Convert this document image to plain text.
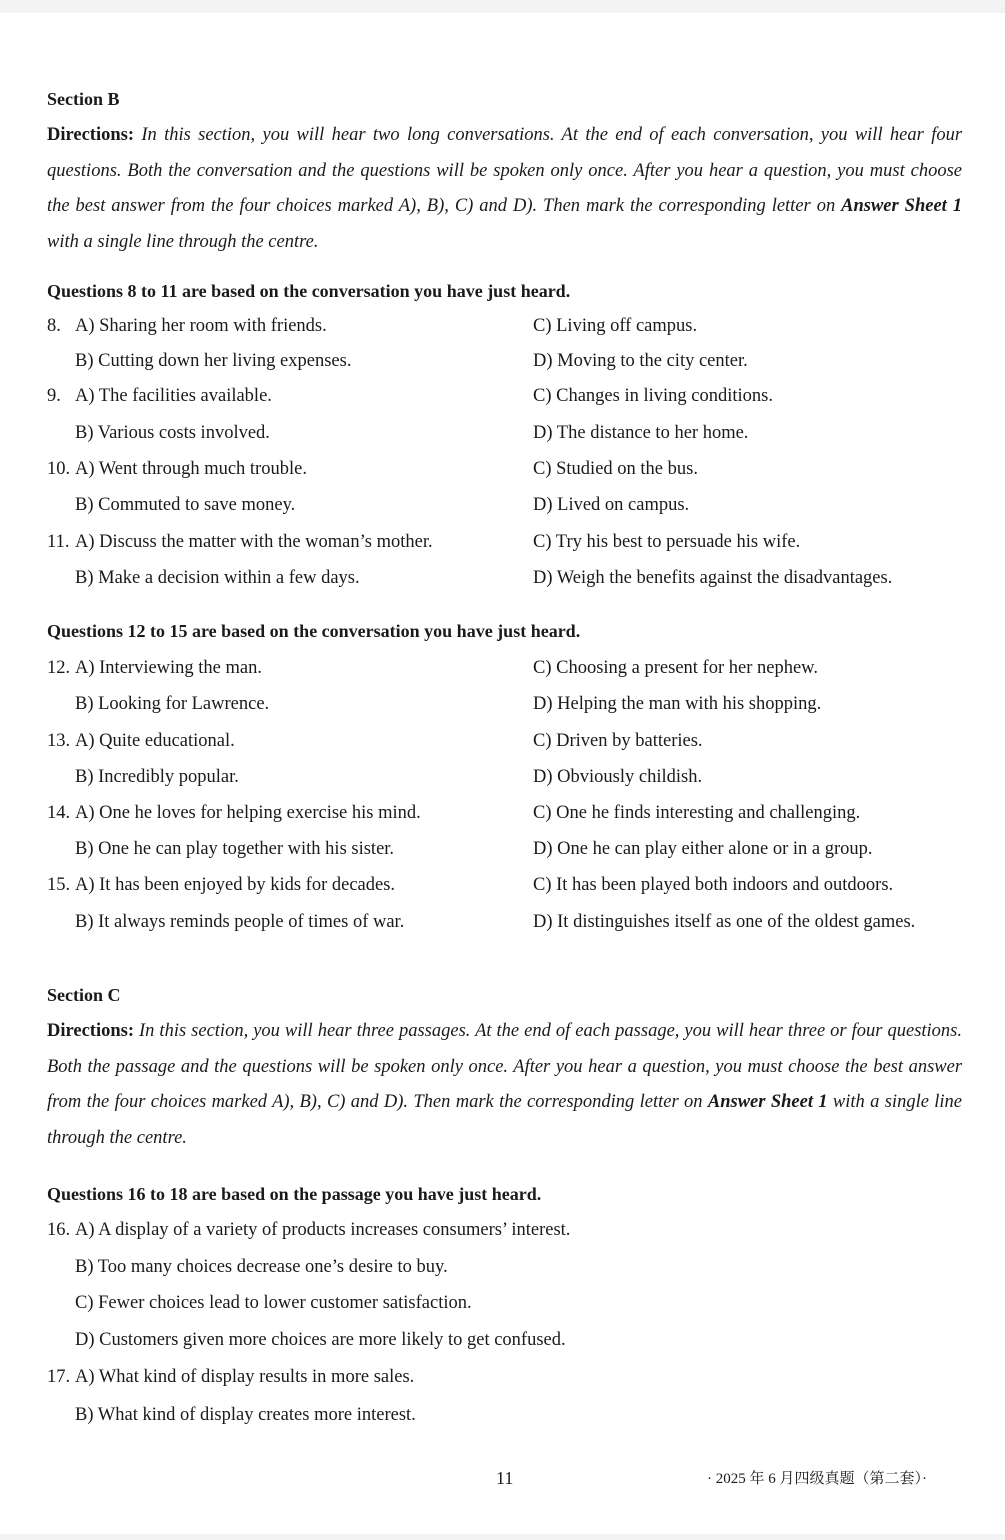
Section B
Directions: In this section, you will hear two long conversations. At the end of each conversation, you will hear four questions. Both the conversation and the questions will be spoken only once. After you hear a question, you must choose the best answer from the four choices marked A), B), C) and D). Then mark the corresponding letter on Answer Sheet 1 with a single line through the centre.
Questions 8 to 11 are based on the conversation you have just heard.
8. A) Sharing her room with friends.
B) Cutting down her living expenses.
C) Living off campus.
D) Moving to the city center.
9. A) The facilities available.
B) Various costs involved.
C) Changes in living conditions.
D) The distance to her home.
10. A) Went through much trouble.
B) Commuted to save money.
C) Studied on the bus.
D) Lived on campus.
11. A) Discuss the matter with the woman’s mother.
B) Make a decision within a few days.
C) Try his best to persuade his wife.
D) Weigh the benefits against the disadvantages.
Questions 12 to 15 are based on the conversation you have just heard.
12. A) Interviewing the man.
B) Looking for Lawrence.
C) Choosing a present for her nephew.
D) Helping the man with his shopping.
13. A) Quite educational.
B) Incredibly popular.
C) Driven by batteries.
D) Obviously childish.
14. A) One he loves for helping exercise his mind.
B) One he can play together with his sister.
C) One he finds interesting and challenging.
D) One he can play either alone or in a group.
15. A) It has been enjoyed by kids for decades.
B) It always reminds people of times of war.
C) It has been played both indoors and outdoors.
D) It distinguishes itself as one of the oldest games.
Section C
Directions: In this section, you will hear three passages. At the end of each passage, you will hear three or four questions. Both the passage and the questions will be spoken only once. After you hear a question, you must choose the best answer from the four choices marked A), B), C) and D). Then mark the corresponding letter on Answer Sheet 1 with a single line through the centre.
Questions 16 to 18 are based on the passage you have just heard.
16. A) A display of a variety of products increases consumers’ interest.
B) Too many choices decrease one’s desire to buy.
C) Fewer choices lead to lower customer satisfaction.
D) Customers given more choices are more likely to get confused.
17. A) What kind of display results in more sales.
B) What kind of display creates more interest.
11	· 2025 年 6 月四级真题（第二套）·
